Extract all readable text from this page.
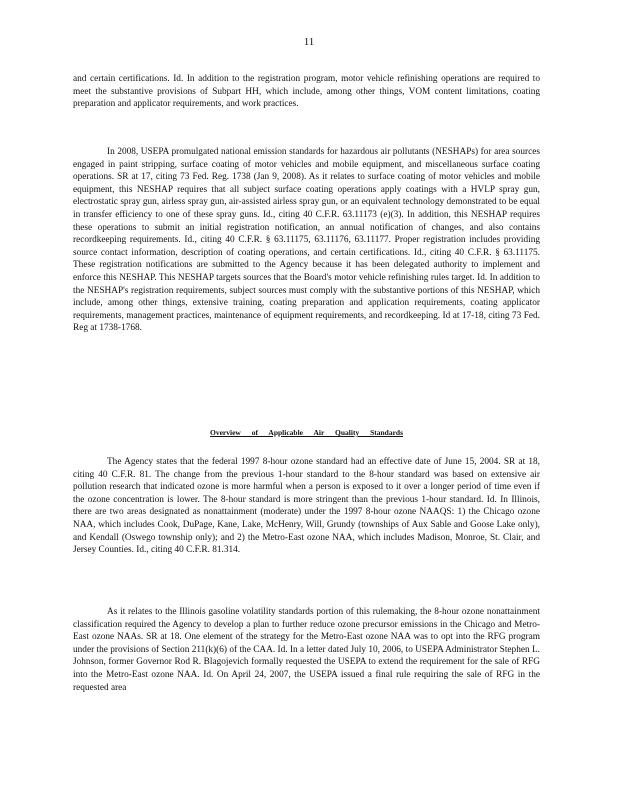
11

and certain certifications. Id. In addition to the registration program, motor vehicle refinishing operations are required to meet the substantive provisions of Subpart HH, which include, among other things, VOM content limitations, coating preparation and applicator requirements, and work practices.

In 2008, USEPA promulgated national emission standards for hazardous air pollutants (NESHAPs) for area sources engaged in paint stripping, surface coating of motor vehicles and mobile equipment, and miscellaneous surface coating operations. SR at 17, citing 73 Fed. Reg. 1738 (Jan 9, 2008). As it relates to surface coating of motor vehicles and mobile equipment, this NESHAP requires that all subject surface coating operations apply coatings with a HVLP spray gun, electrostatic spray gun, airless spray gun, air-assisted airless spray gun, or an equivalent technology demonstrated to be equal in transfer efficiency to one of these spray guns. Id., citing 40 C.F.R. 63.11173 (e)(3). In addition, this NESHAP requires these operations to submit an initial registration notification, an annual notification of changes, and also contains recordkeeping requirements. Id., citing 40 C.F.R. § 63.11175, 63.11176, 63.11177. Proper registration includes providing source contact information, description of coating operations, and certain certifications. Id., citing 40 C.F.R. § 63.11175. These registration notifications are submitted to the Agency because it has been delegated authority to implement and enforce this NESHAP. This NESHAP targets sources that the Board's motor vehicle refinishing rules target. Id. In addition to the NESHAP's registration requirements, subject sources must comply with the substantive portions of this NESHAP, which include, among other things, extensive training, coating preparation and application requirements, coating applicator requirements, management practices, maintenance of equipment requirements, and recordkeeping. Id at 17-18, citing 73 Fed. Reg at 1738-1768.

Overview of Applicable Air Quality Standards

The Agency states that the federal 1997 8-hour ozone standard had an effective date of June 15, 2004. SR at 18, citing 40 C.F.R. 81. The change from the previous 1-hour standard to the 8-hour standard was based on extensive air pollution research that indicated ozone is more harmful when a person is exposed to it over a longer period of time even if the ozone concentration is lower. The 8-hour standard is more stringent than the previous 1-hour standard. Id. In Illinois, there are two areas designated as nonattainment (moderate) under the 1997 8-hour ozone NAAQS: 1) the Chicago ozone NAA, which includes Cook, DuPage, Kane, Lake, McHenry, Will, Grundy (townships of Aux Sable and Goose Lake only), and Kendall (Oswego township only); and 2) the Metro-East ozone NAA, which includes Madison, Monroe, St. Clair, and Jersey Counties. Id., citing 40 C.F.R. 81.314.

As it relates to the Illinois gasoline volatility standards portion of this rulemaking, the 8-hour ozone nonattainment classification required the Agency to develop a plan to further reduce ozone precursor emissions in the Chicago and Metro-East ozone NAAs. SR at 18. One element of the strategy for the Metro-East ozone NAA was to opt into the RFG program under the provisions of Section 211(k)(6) of the CAA. Id. In a letter dated July 10, 2006, to USEPA Administrator Stephen L. Johnson, former Governor Rod R. Blagojevich formally requested the USEPA to extend the requirement for the sale of RFG into the Metro-East ozone NAA. Id. On April 24, 2007, the USEPA issued a final rule requiring the sale of RFG in the requested area
